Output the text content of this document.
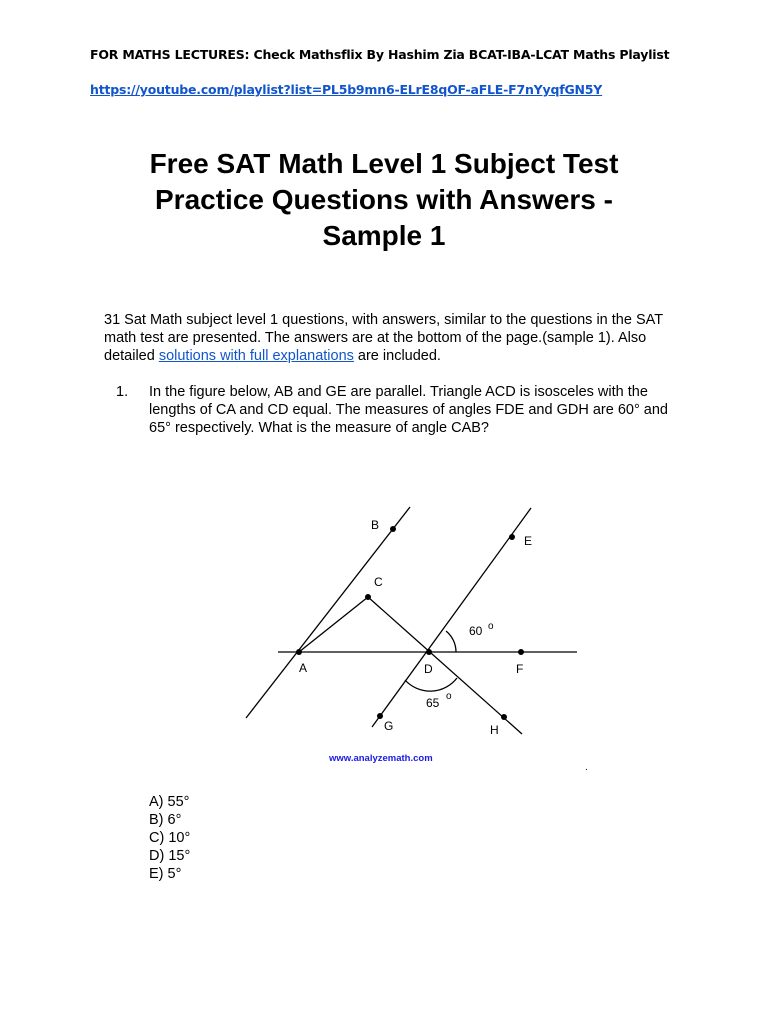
FOR MATHS LECTURES: Check Mathsflix By Hashim Zia BCAT-IBA-LCAT Maths Playlist
https://youtube.com/playlist?list=PL5b9mn6-ELrE8qOF-aFLE-F7nYyqfGN5Y
Free SAT Math Level 1 Subject Test
Practice Questions with Answers -
Sample 1
31 Sat Math subject level 1 questions, with answers, similar to the questions in the SAT math test are presented. The answers are at the bottom of the page.(sample 1). Also detailed solutions with full explanations are included.
1. In the figure below, AB and GE are parallel. Triangle ACD is isosceles with the lengths of CA and CD equal. The measures of angles FDE and GDH are 60° and 65° respectively. What is the measure of angle CAB?
B
E
C
A	D	F
G	H
60 o
65 o
www.analyzemath.com
.
A) 55°
B) 6°
C) 10°
D) 15°
E) 5°
